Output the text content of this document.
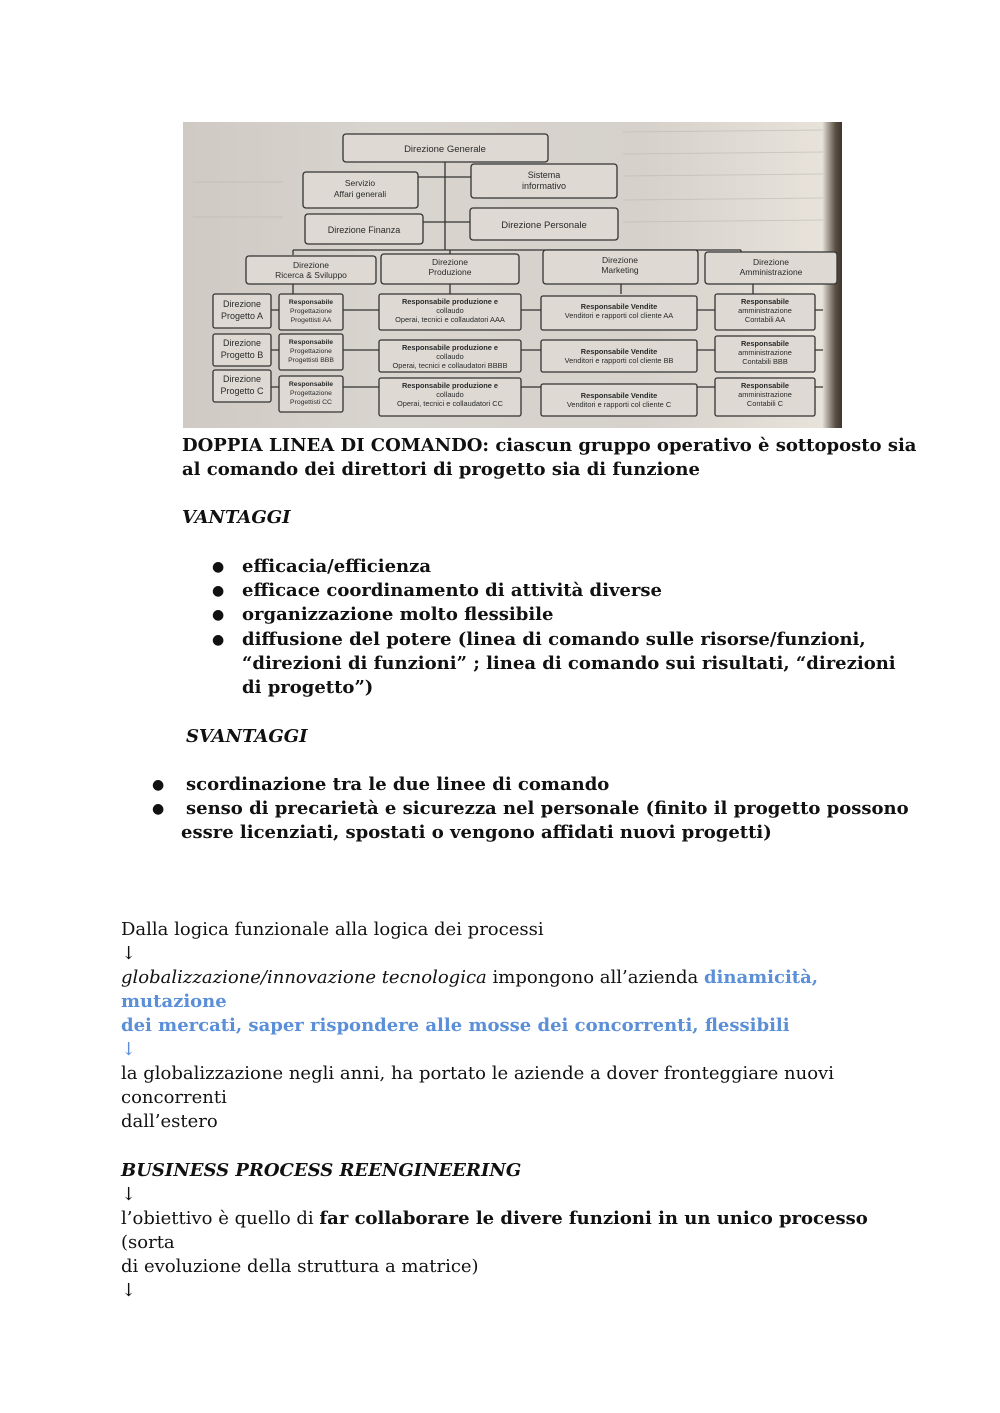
Direzione Generale
Servizio
Affari generali
Sistema
informativo
Direzione Finanza	Direzione Personale
Direzione
Ricerca & Sviluppo
Direzione
Produzione
Direzione
Marketing
Direzione
Amministrazione
Direzione
Progetto A
Direzione
Progetto B
Direzione
Progetto C
Responsabile
Progettazione
Progettisti AA
Responsabile produzione e
collaudo
Operai, tecnici e collaudatori AAA
Responsabile Vendite
Venditori e rapporti col cliente AA
Responsabile
amministrazione
Contabili AA
Responsabile
Progettazione
Progettisti BBB
Responsabile produzione e
collaudo
Operai, tecnici e collaudatori BBBB
Responsabile Vendite
Venditori e rapporti col cliente BB
Responsabile
amministrazione
Contabili BBB
Responsabile
Progettazione
Progettisti CC
Responsabile produzione e
collaudo
Operai, tecnici e collaudatori CC
Responsabile Vendite
Venditori e rapporti col cliente C
Responsabile
amministrazione
Contabili C
DOPPIA LINEA DI COMANDO: ciascun gruppo operativo è sottoposto sia
al comando dei direttori di progetto sia di funzione
VANTAGGI
● efficacia/efficienza
● efficace coordinamento di attività diverse
● organizzazione molto flessibile
● diffusione del potere (linea di comando sulle risorse/funzioni,
“direzioni di funzioni” ; linea di comando sui risultati, “direzioni
di progetto”)
SVANTAGGI
● scordinazione tra le due linee di comando
● senso di precarietà e sicurezza nel personale (finito il progetto possono
essre licenziati, spostati o vengono affidati nuovi progetti)
Dalla logica funzionale alla logica dei processi
↓
globalizzazione/innovazione tecnologica impongono all’azienda dinamicità, mutazione
dei mercati, saper rispondere alle mosse dei concorrenti, flessibili
↓
la globalizzazione negli anni, ha portato le aziende a dover fronteggiare nuovi concorrenti
dall’estero
BUSINESS PROCESS REENGINEERING
↓
l’obiettivo è quello di far collaborare le divere funzioni in un unico processo (sorta
di evoluzione della struttura a matrice)
↓
